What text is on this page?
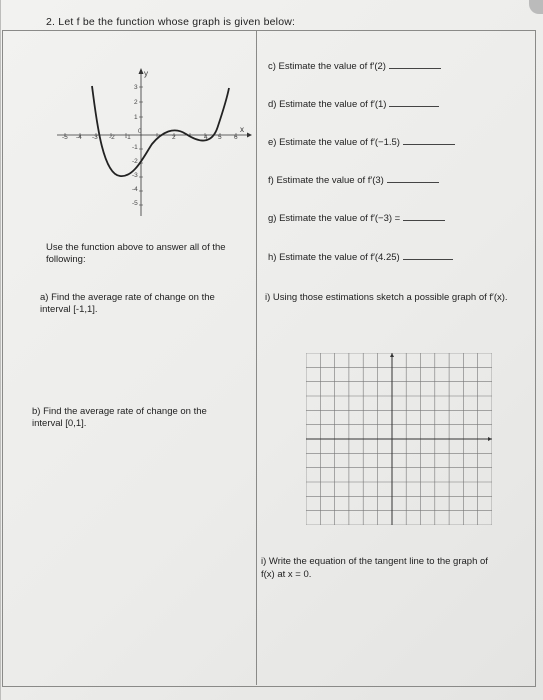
2. Let f be the function whose graph is given below:
x
y
-5 -4 -3 -2 -1
0
2	4 5 6
3
2
1
-1
-2
-3
-4
-5
Use the function above to answer all of the following:
a) Find the average rate of change on the interval [-1,1].
b) Find the average rate of change on the interval [0,1].
c) Estimate the value of f′(2)
d) Estimate the value of f′(1)
e) Estimate the value of f′(−1.5)
f) Estimate the value of f′(3)
g) Estimate the value of f′(−3) =
h) Estimate the value of f′(4.25)
i) Using those estimations sketch a possible graph of f′(x).
i) Write the equation of the tangent line to the graph of
f(x) at x = 0.
